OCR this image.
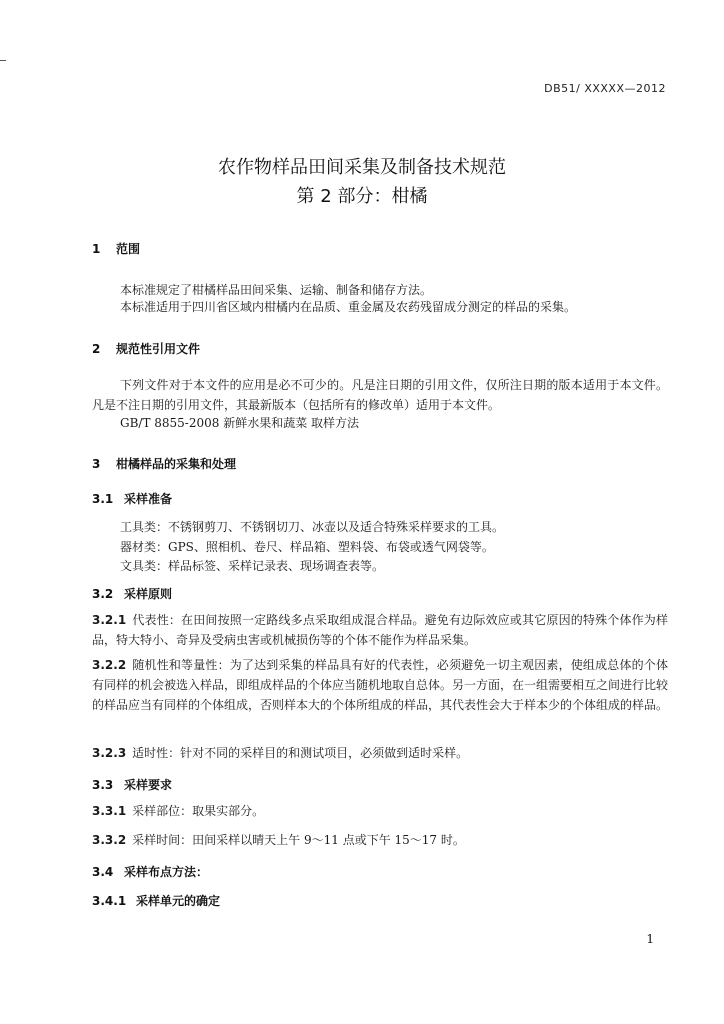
DB51/ XXXXX—2012
农作物样品田间采集及制备技术规范
第 2 部分：柑橘
1 范围
本标准规定了柑橘样品田间采集、运输、制备和储存方法。
本标准适用于四川省区域内柑橘内在品质、重金属及农药残留成分测定的样品的采集。
2 规范性引用文件
下列文件对于本文件的应用是必不可少的。凡是注日期的引用文件，仅所注日期的版本适用于本文件。凡是不注日期的引用文件，其最新版本（包括所有的修改单）适用于本文件。
GB/T 8855-2008 新鲜水果和蔬菜 取样方法
3 柑橘样品的采集和处理
3.1 采样准备
工具类：不锈钢剪刀、不锈钢切刀、冰壶以及适合特殊采样要求的工具。
器材类：GPS、照相机、卷尺、样品箱、塑料袋、布袋或透气网袋等。
文具类：样品标签、采样记录表、现场调查表等。
3.2 采样原则
3.2.1 代表性：在田间按照一定路线多点采取组成混合样品。避免有边际效应或其它原因的特殊个体作为样品，特大特小、奇异及受病虫害或机械损伤等的个体不能作为样品采集。
3.2.2 随机性和等量性：为了达到采集的样品具有好的代表性，必须避免一切主观因素，使组成总体的个体有同样的机会被选入样品，即组成样品的个体应当随机地取自总体。另一方面，在一组需要相互之间进行比较的样品应当有同样的个体组成，否则样本大的个体所组成的样品，其代表性会大于样本少的个体组成的样品。
3.2.3 适时性：针对不同的采样目的和测试项目，必须做到适时采样。
3.3 采样要求
3.3.1 采样部位：取果实部分。
3.3.2 采样时间：田间采样以晴天上午 9～11 点或下午 15～17 时。
3.4 采样布点方法：
3.4.1 采样单元的确定
1
